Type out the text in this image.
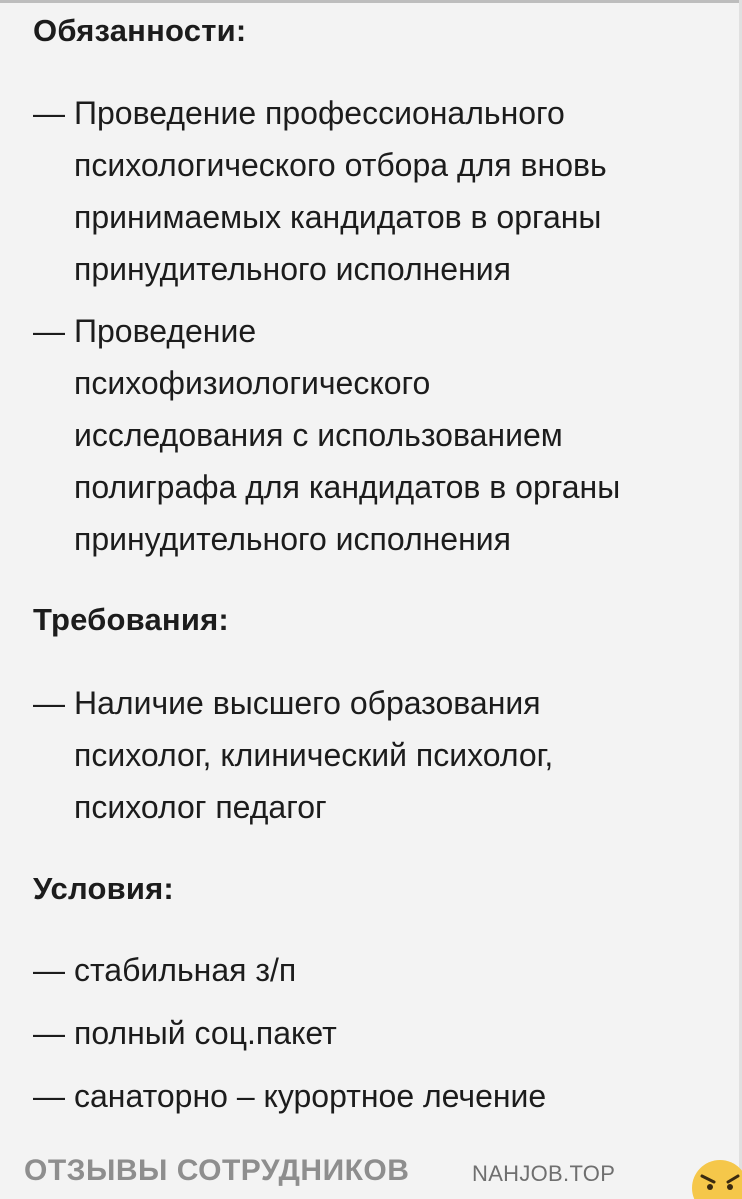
Обязанности:
— Проведение профессионального
психологического отбора для вновь
принимаемых кандидатов в органы
принудительного исполнения
— Проведение
психофизиологического
исследования с использованием
полиграфа для кандидатов в органы
принудительного исполнения
Требования:
— Наличие высшего образования
психолог, клинический психолог,
психолог педагог
Условия:
— стабильная з/п
— полный соц.пакет
— санаторно – курортное лечение
ОТЗЫВЫ СОТРУДНИКОВ	NAHJOB.TOP
